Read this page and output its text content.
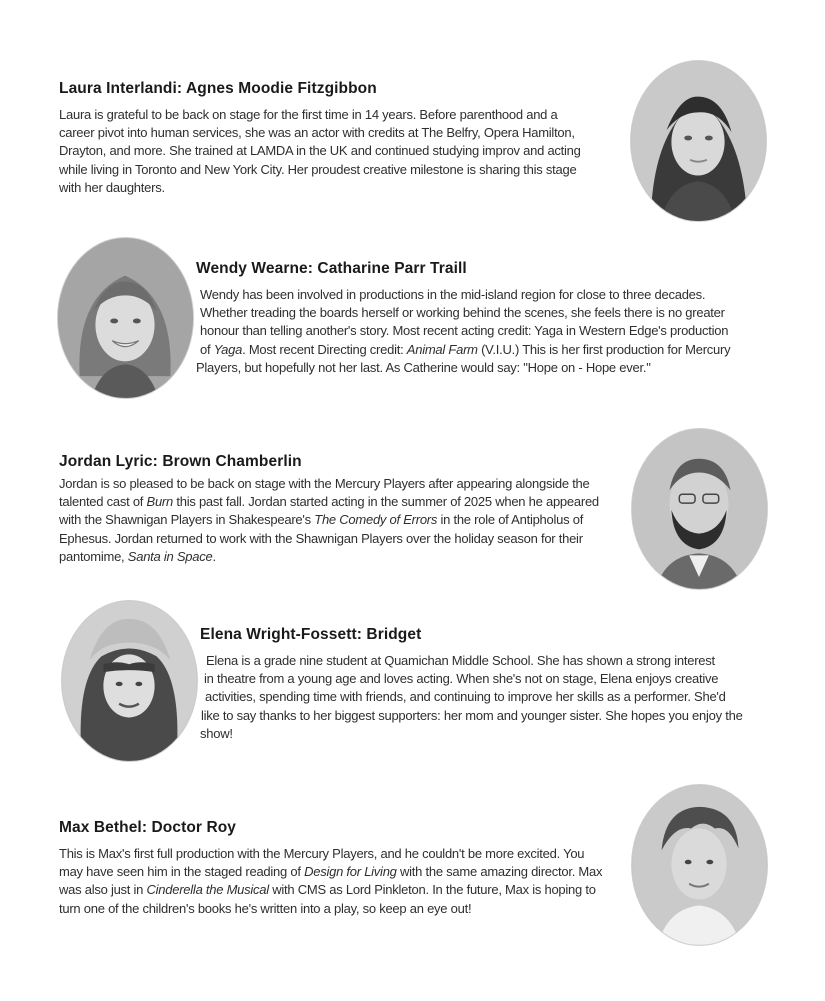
Laura Interlandi: Agnes Moodie Fitzgibbon
Laura is grateful to be back on stage for the first time in 14 years. Before parenthood and a
career pivot into human services, she was an actor with credits at The Belfry, Opera Hamilton,
Drayton, and more. She trained at LAMDA in the UK and continued studying improv and acting
while living in Toronto and New York City. Her proudest creative milestone is sharing this stage
with her daughters.
Wendy Wearne: Catharine Parr Traill
Wendy has been involved in productions in the mid-island region for close to three decades.
Whether treading the boards herself or working behind the scenes, she feels there is no greater
honour than telling another's story. Most recent acting credit: Yaga in Western Edge's production
of Yaga. Most recent Directing credit: Animal Farm (V.I.U.) This is her first production for Mercury
Players, but hopefully not her last. As Catherine would say: "Hope on - Hope ever."
Jordan Lyric: Brown Chamberlin
Jordan is so pleased to be back on stage with the Mercury Players after appearing alongside the
talented cast of Burn this past fall. Jordan started acting in the summer of 2025 when he appeared
with the Shawnigan Players in Shakespeare's The Comedy of Errors in the role of Antipholus of
Ephesus. Jordan returned to work with the Shawnigan Players over the holiday season for their
pantomime, Santa in Space.
Elena Wright-Fossett: Bridget
Elena is a grade nine student at Quamichan Middle School. She has shown a strong interest
in theatre from a young age and loves acting. When she's not on stage, Elena enjoys creative
activities, spending time with friends, and continuing to improve her skills as a performer. She'd
like to say thanks to her biggest supporters: her mom and younger sister. She hopes you enjoy the
show!
Max Bethel: Doctor Roy
This is Max's first full production with the Mercury Players, and he couldn't be more excited. You
may have seen him in the staged reading of Design for Living with the same amazing director. Max
was also just in Cinderella the Musical with CMS as Lord Pinkleton. In the future, Max is hoping to
turn one of the children's books he's written into a play, so keep an eye out!
